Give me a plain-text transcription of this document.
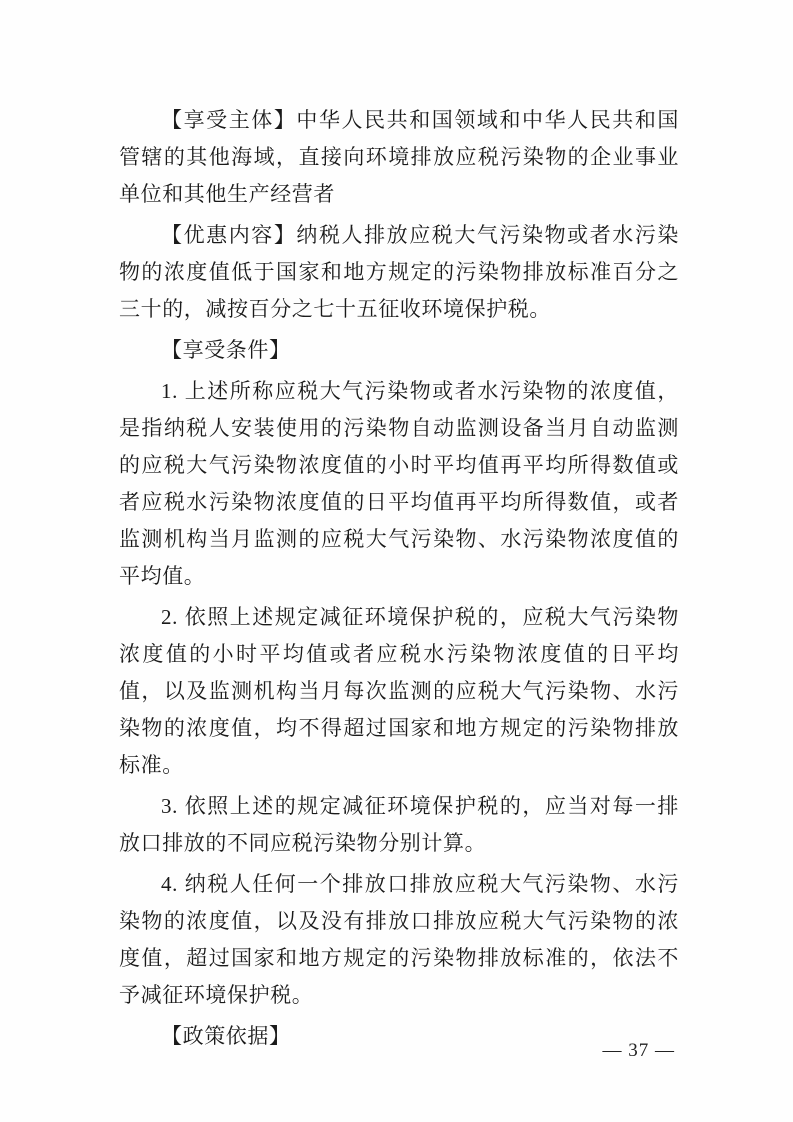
【享受主体】中华人民共和国领域和中华人民共和国管辖的其他海域，直接向环境排放应税污染物的企业事业单位和其他生产经营者

【优惠内容】纳税人排放应税大气污染物或者水污染物的浓度值低于国家和地方规定的污染物排放标准百分之三十的，减按百分之七十五征收环境保护税。

【享受条件】

1. 上述所称应税大气污染物或者水污染物的浓度值，是指纳税人安装使用的污染物自动监测设备当月自动监测的应税大气污染物浓度值的小时平均值再平均所得数值或者应税水污染物浓度值的日平均值再平均所得数值，或者监测机构当月监测的应税大气污染物、水污染物浓度值的平均值。

2. 依照上述规定减征环境保护税的，应税大气污染物浓度值的小时平均值或者应税水污染物浓度值的日平均值，以及监测机构当月每次监测的应税大气污染物、水污染物的浓度值，均不得超过国家和地方规定的污染物排放标准。

3. 依照上述的规定减征环境保护税的，应当对每一排放口排放的不同应税污染物分别计算。

4. 纳税人任何一个排放口排放应税大气污染物、水污染物的浓度值，以及没有排放口排放应税大气污染物的浓度值，超过国家和地方规定的污染物排放标准的，依法不予减征环境保护税。

【政策依据】

— 37 —
